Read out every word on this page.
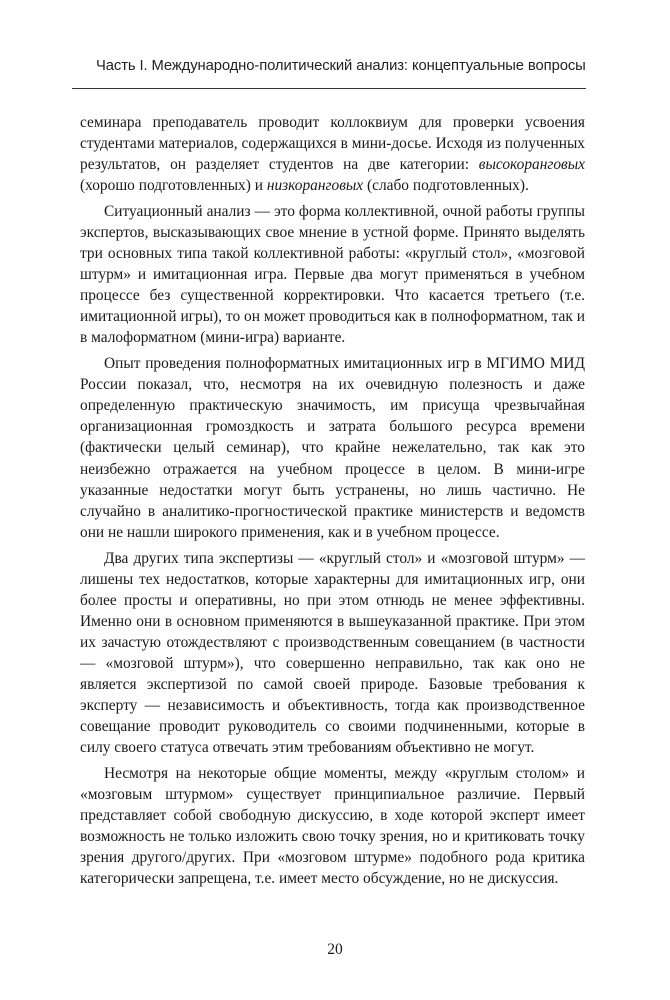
Часть I. Международно-политический анализ: концептуальные вопросы

семинара преподаватель проводит коллоквиум для проверки усвоения студентами материалов, содержащихся в мини-досье. Исходя из полученных результатов, он разделяет студентов на две категории: высокоранговых (хорошо подготовленных) и низкоранговых (слабо подготовленных).

Ситуационный анализ — это форма коллективной, очной работы группы экспертов, высказывающих свое мнение в устной форме. Принято выделять три основных типа такой коллективной работы: «круглый стол», «мозговой штурм» и имитационная игра. Первые два могут применяться в учебном процессе без существенной корректировки. Что касается третьего (т.е. имитационной игры), то он может проводиться как в полноформатном, так и в малоформатном (мини-игра) варианте.

Опыт проведения полноформатных имитационных игр в МГИМО МИД России показал, что, несмотря на их очевидную полезность и даже определенную практическую значимость, им присуща чрезвычайная организационная громоздкость и затрата большого ресурса времени (фактически целый семинар), что крайне нежелательно, так как это неизбежно отражается на учебном процессе в целом. В мини-игре указанные недостатки могут быть устранены, но лишь частично. Не случайно в аналитико-прогностической практике министерств и ведомств они не нашли широкого применения, как и в учебном процессе.

Два других типа экспертизы — «круглый стол» и «мозговой штурм» — лишены тех недостатков, которые характерны для имитационных игр, они более просты и оперативны, но при этом отнюдь не менее эффективны. Именно они в основном применяются в вышеуказанной практике. При этом их зачастую отождествляют с производственным совещанием (в частности — «мозговой штурм»), что совершенно неправильно, так как оно не является экспертизой по самой своей природе. Базовые требования к эксперту — независимость и объективность, тогда как производственное совещание проводит руководитель со своими подчиненными, которые в силу своего статуса отвечать этим требованиям объективно не могут.

Несмотря на некоторые общие моменты, между «круглым столом» и «мозговым штурмом» существует принципиальное различие. Первый представляет собой свободную дискуссию, в ходе которой эксперт имеет возможность не только изложить свою точку зрения, но и критиковать точку зрения другого/других. При «мозговом штурме» подобного рода критика категорически запрещена, т.е. имеет место обсуждение, но не дискуссия.

20
